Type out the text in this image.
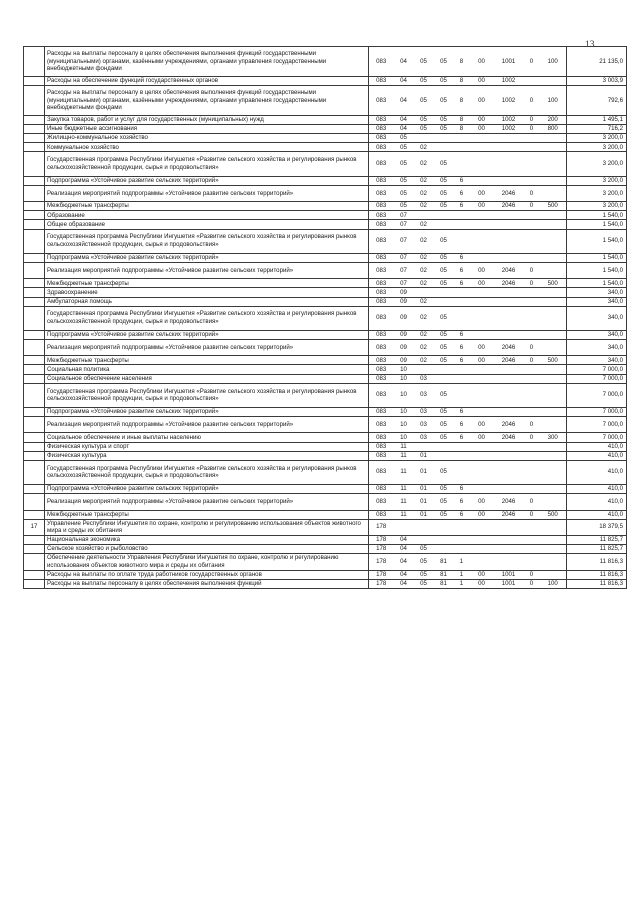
13
	Расходы на выплаты персоналу в целях обеспечения выполнения функций государственными (муниципальными) органами, казёнными учреждениями, органами управления государственными внебюджетными фондами	083	04	05	05	8	00	1001	0	100	21 135,0
	Расходы на обеспечение функций государственных органов	083	04	05	05	8	00	1002			3 003,9
	Расходы на выплаты персоналу в целях обеспечения выполнения функций государственными (муниципальными) органами, казёнными учреждениями, органами управления государственными внебюджетными фондами	083	04	05	05	8	00	1002	0	100	792,6
	Закупка товаров, работ и услуг для государственных (муниципальных) нужд	083	04	05	05	8	00	1002	0	200	1 495,1
	Иные бюджетные ассигнования	083	04	05	05	8	00	1002	0	800	716,2
	Жилищно-коммунальное хозяйство	083	05								3 200,0
	Коммунальное хозяйство	083	05	02							3 200,0
	Государственная программа Республики Ингушетия «Развитие сельского хозяйства и регулирования рынков сельскохозяйственной продукции, сырья и продовольствия»	083	05	02	05						3 200,0
	Подпрограмма «Устойчивое развитие сельских территорий»	083	05	02	05	6					3 200,0
	Реализация мероприятий подпрограммы «Устойчивое развитие сельских территорий»	083	05	02	05	6	00	2046	0		3 200,0
	Межбюджетные трансферты	083	05	02	05	6	00	2046	0	500	3 200,0
	Образование	083	07								1 540,0
	Общее образование	083	07	02							1 540,0
	Государственная программа Республики Ингушетия «Развитие сельского хозяйства и регулирования рынков сельскохозяйственной продукции, сырья и продовольствия»	083	07	02	05						1 540,0
	Подпрограмма «Устойчивое развитие сельских территорий»	083	07	02	05	6					1 540,0
	Реализация мероприятий подпрограммы «Устойчивое развитие сельских территорий»	083	07	02	05	6	00	2046	0		1 540,0
	Межбюджетные трансферты	083	07	02	05	6	00	2046	0	500	1 540,0
	Здравоохранение	083	09								340,0
	Амбулаторная помощь	083	09	02							340,0
	Государственная программа Республики Ингушетия «Развитие сельского хозяйства и регулирования рынков сельскохозяйственной продукции, сырья и продовольствия»	083	09	02	05						340,0
	Подпрограмма «Устойчивое развитие сельских территорий»	083	09	02	05	6					340,0
	Реализация мероприятий подпрограммы «Устойчивое развитие сельских территорий»	083	09	02	05	6	00	2046	0		340,0
	Межбюджетные трансферты	083	09	02	05	6	00	2046	0	500	340,0
	Социальная политика	083	10								7 000,0
	Социальное обеспечение населения	083	10	03							7 000,0
	Государственная программа Республики Ингушетия «Развитие сельского хозяйства и регулирования рынков сельскохозяйственной продукции, сырья и продовольствия»	083	10	03	05						7 000,0
	Подпрограмма «Устойчивое развитие сельских территорий»	083	10	03	05	6					7 000,0
	Реализация мероприятий подпрограммы «Устойчивое развитие сельских территорий»	083	10	03	05	6	00	2046	0		7 000,0
	Социальное обеспечение и иные выплаты населению	083	10	03	05	6	00	2046	0	300	7 000,0
	Физическая культура и спорт	083	11								410,0
	Физическая культура	083	11	01							410,0
	Государственная программа Республики Ингушетия «Развитие сельского хозяйства и регулирования рынков сельскохозяйственной продукции, сырья и продовольствия»	083	11	01	05						410,0
	Подпрограмма «Устойчивое развитие сельских территорий»	083	11	01	05	6					410,0
	Реализация мероприятий подпрограммы «Устойчивое развитие сельских территорий»	083	11	01	05	6	00	2046	0		410,0
	Межбюджетные трансферты	083	11	01	05	6	00	2046	0	500	410,0
17	Управление Республики Ингушетия по охране, контролю и регулированию использования объектов животного мира и среды их обитания	178									18 379,5
	Национальная экономика	178	04								11 825,7
	Сельское хозяйство и рыболовство	178	04	05							11 825,7
	Обеспечение деятельности Управления Республики Ингушетия по охране, контролю и регулированию использования объектов животного мира и среды их обитания	178	04	05	81	1					11 816,3
	Расходы на выплаты по оплате труда работников государственных органов	178	04	05	81	1	00	1001	0		11 816,3
	Расходы на выплаты персоналу в целях обеспечения выполнения функций	178	04	05	81	1	00	1001	0	100	11 816,3
